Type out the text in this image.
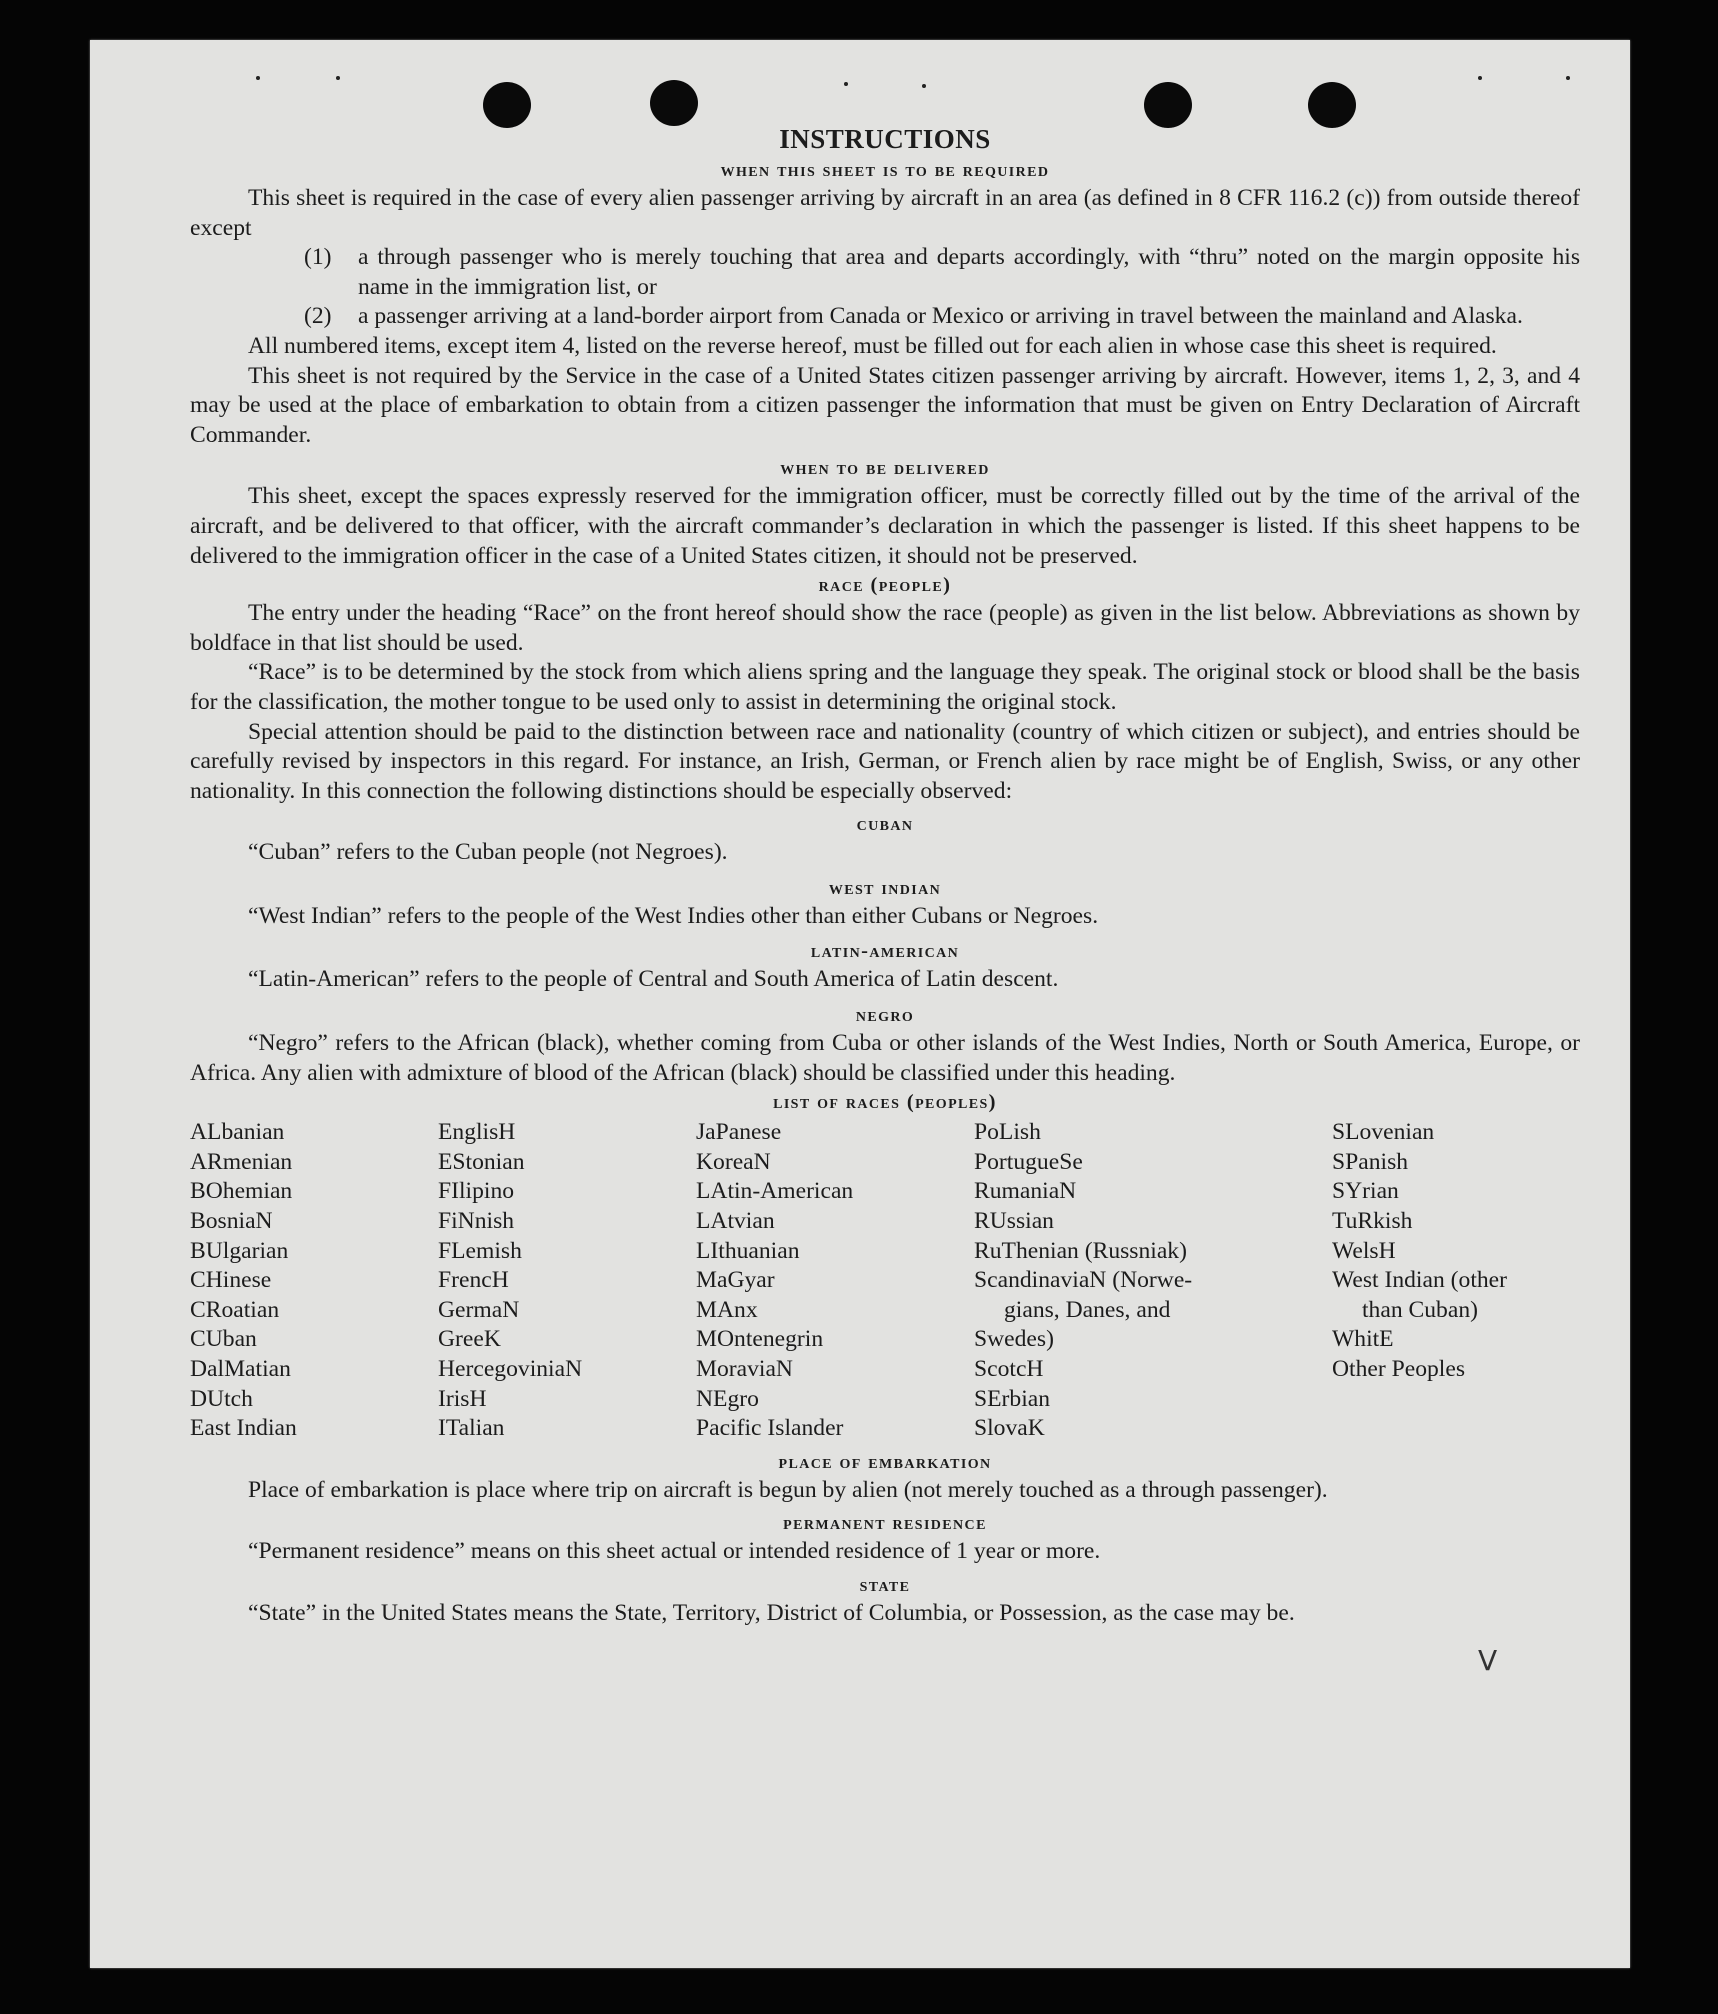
INSTRUCTIONS
when this sheet is to be required

This sheet is required in the case of every alien passenger arriving by aircraft in an area (as defined in 8 CFR 116.2 (c)) from outside thereof except

(1) a through passenger who is merely touching that area and departs accordingly, with “thru” noted on the margin opposite his name in the immigration list, or

(2) a passenger arriving at a land-border airport from Canada or Mexico or arriving in travel between the mainland and Alaska.

All numbered items, except item 4, listed on the reverse hereof, must be filled out for each alien in whose case this sheet is required.

This sheet is not required by the Service in the case of a United States citizen passenger arriving by aircraft. However, items 1, 2, 3, and 4 may be used at the place of embarkation to obtain from a citizen passenger the information that must be given on Entry Declaration of Aircraft Commander.

when to be delivered

This sheet, except the spaces expressly reserved for the immigration officer, must be correctly filled out by the time of the arrival of the aircraft, and be delivered to that officer, with the aircraft commander’s declaration in which the passenger is listed. If this sheet happens to be delivered to the immigration officer in the case of a United States citizen, it should not be preserved.

race (people)

The entry under the heading “Race” on the front hereof should show the race (people) as given in the list below. Abbreviations as shown by boldface in that list should be used.

“Race” is to be determined by the stock from which aliens spring and the language they speak. The original stock or blood shall be the basis for the classification, the mother tongue to be used only to assist in determining the original stock.

Special attention should be paid to the distinction between race and nationality (country of which citizen or subject), and entries should be carefully revised by inspectors in this regard. For instance, an Irish, German, or French alien by race might be of English, Swiss, or any other nationality. In this connection the following distinctions should be especially observed:

cuban

“Cuban” refers to the Cuban people (not Negroes).

west indian

“West Indian” refers to the people of the West Indies other than either Cubans or Negroes.

latin-american

“Latin-American” refers to the people of Central and South America of Latin descent.

negro

“Negro” refers to the African (black), whether coming from Cuba or other islands of the West Indies, North or South America, Europe, or Africa. Any alien with admixture of blood of the African (black) should be classified under this heading.

list of races (peoples)
ALbanian
ARmenian
BOhemian
BosniaN
BUlgarian
CHinese
CRoatian
CUban
DalMatian
DUtch
East Indian
EnglisH
EStonian
FIlipino
FiNnish
FLemish
FrencH
GermaN
GreeK
HercegoviniaN
IrisH
ITalian
JaPanese
KoreaN
LAtin-American
LAtvian
LIthuanian
MaGyar
MAnx
MOntenegrin
MoraviaN
NEgro
Pacific Islander
PoLish
PortugueSe
RumaniaN
RUssian
RuThenian (Russniak)
ScandinaviaN (Norwe-
gians, Danes, and
Swedes)
ScotcH
SErbian
SlovaK
SLovenian
SPanish
SYrian
TuRkish
WelsH
West Indian (other
than Cuban)
WhitE
Other Peoples
place of embarkation

Place of embarkation is place where trip on aircraft is begun by alien (not merely touched as a through passenger).

permanent residence

“Permanent residence” means on this sheet actual or intended residence of 1 year or more.

state

“State” in the United States means the State, Territory, District of Columbia, or Possession, as the case may be.

V
